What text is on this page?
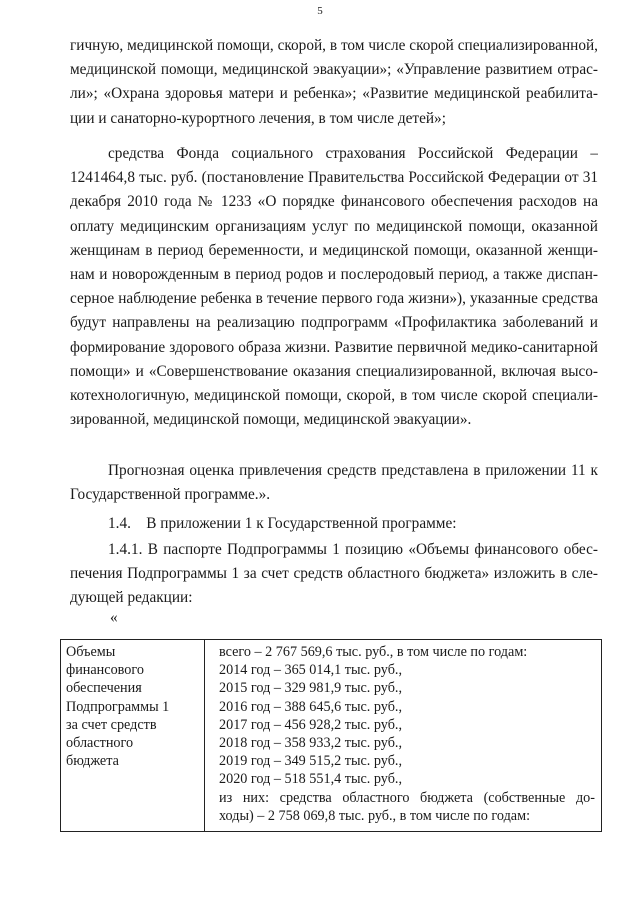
5
гичную, медицинской помощи, скорой, в том числе скорой специализированной,
медицинской помощи, медицинской эвакуации»; «Управление развитием отрас-
ли»; «Охрана здоровья матери и ребенка»; «Развитие медицинской реабилита-
ции и санаторно-курортного лечения, в том числе детей»;
средства Фонда социального страхования Российской Федерации –
1241464,8 тыс. руб. (постановление Правительства Российской Федерации от 31
декабря 2010 года № 1233 «О порядке финансового обеспечения расходов на
оплату медицинским организациям услуг по медицинской помощи, оказанной
женщинам в период беременности, и медицинской помощи, оказанной женщи-
нам и новорожденным в период родов и послеродовый период, а также диспан-
серное наблюдение ребенка в течение первого года жизни»), указанные средства
будут направлены на реализацию подпрограмм «Профилактика заболеваний и
формирование здорового образа жизни. Развитие первичной медико-санитарной
помощи» и «Совершенствование оказания специализированной, включая высо-
котехнологичную, медицинской помощи, скорой, в том числе скорой специали-
зированной, медицинской помощи, медицинской эвакуации».
Прогнозная оценка привлечения средств представлена в приложении 11 к
Государственной программе.».
1.4.    В приложении 1 к Государственной программе:
1.4.1. В паспорте Подпрограммы 1 позицию «Объемы финансового обес-
печения Подпрограммы 1 за счет средств областного бюджета» изложить в сле-
дующей редакции:
«
Объемы
финансового
обеспечения
Подпрограммы 1
за счет средств
областного
бюджета

всего – 2 767 569,6 тыс. руб., в том числе по годам:
2014 год – 365 014,1 тыс. руб.,
2015 год – 329 981,9 тыс. руб.,
2016 год – 388 645,6 тыс. руб.,
2017 год – 456 928,2 тыс. руб.,
2018 год – 358 933,2 тыс. руб.,
2019 год – 349 515,2 тыс. руб.,
2020 год – 518 551,4 тыс. руб.,
из них: средства областного бюджета (собственные до-
ходы) – 2 758 069,8 тыс. руб., в том числе по годам:
